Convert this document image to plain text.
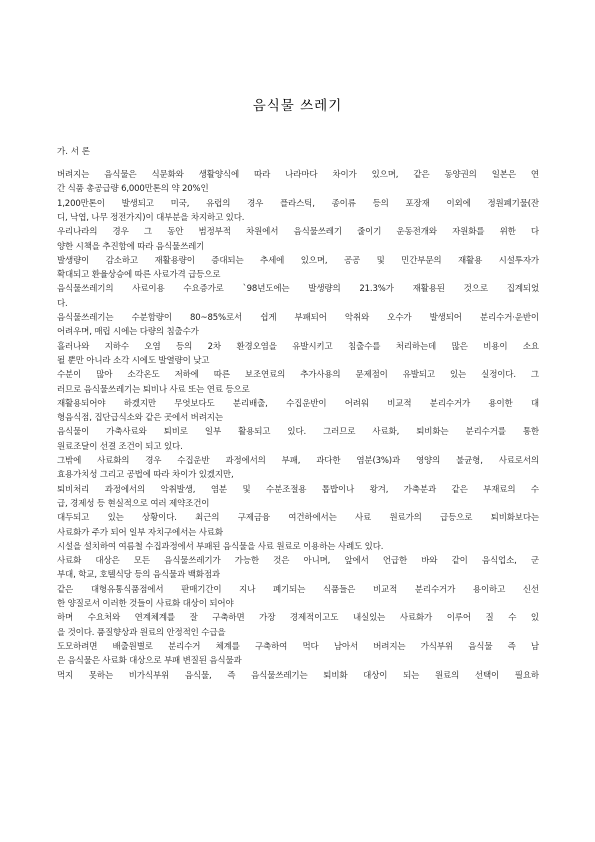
음식물 쓰레기
가. 서 론
버려지는 음식물은 식문화와 생활양식에 따라 나라마다 차이가 있으며, 같은 동양권의 일본은 연
간 식품 총공급량 6,000만톤의 약 20%인
1,200만톤이 발생되고 미국, 유럽의 경우 플라스틱, 종이류 등의 포장재 이외에 정원폐기물(잔
디, 낙엽, 나무 정전가지)이 대부분을 차지하고 있다.
우리나라의 경우 그 동안 범정부적 차원에서 음식물쓰레기 줄이기 운동전개와 자원화를 위한 다
양한 시책을 추진함에 따라 음식물쓰레기
발생량이 감소하고 재활용량이 증대되는 추세에 있으며, 공공 및 민간부문의 재활용 시설투자가
확대되고 환율상승에 따른 사료가격 급등으로
음식물쓰레기의 사료이용 수요증가로 `98년도에는 발생량의 21.3%가 재활용된 것으로 집계되었
다.
음식물쓰레기는 수분함량이 80~85%로서 쉽게 부패되어 악취와 오수가 발생되어 분리수거·운반이
어려우며, 매립 시에는 다량의 침출수가
흘러나와 지하수 오염 등의 2차 환경오염을 유발시키고 침출수를 처리하는데 많은 비용이 소요
될 뿐만 아니라 소각 시에도 발열량이 낮고
수분이 많아 소각온도 저하에 따른 보조연료의 추가사용의 문제점이 유발되고 있는 실정이다. 그
러므로 음식물쓰레기는 퇴비나 사료 또는 연료 등으로
재활용되어야 하겠지만 무엇보다도 분리배출, 수집운반이 어려워 비교적 분리수거가 용이한 대
형음식점, 집단급식소와 같은 곳에서 버려지는
음식물이 가축사료와 퇴비로 일부 활용되고 있다. 그러므로 사료화, 퇴비화는 분리수거를 통한
원료조달이 선결 조건이 되고 있다.
그밖에 사료화의 경우 수집운반 과정에서의 부패, 과다한 염분(3%)과 영양의 불균형, 사료로서의
효용가치성 그리고 공법에 따라 차이가 있겠지만,
퇴비처리 과정에서의 악취발생, 염분 및 수분조절용 톱밥이나 왕겨, 가축분과 같은 부재료의 수
급, 경제성 등 현실적으로 여러 제약조건이
대두되고 있는 상황이다. 최근의 구제금융 여건하에서는 사료 원료가의 급등으로 퇴비화보다는
사료화가 주가 되어 일부 자치구에서는 사료화
시설을 설치하여 여름철 수집과정에서 부패된 음식물을 사료 원료로 이용하는 사례도 있다.
사료화 대상은 모든 음식물쓰레기가 가능한 것은 아니며, 앞에서 언급한 바와 같이 음식업소, 군
부대, 학교, 호텔식당 등의 음식물과 백화점과
같은 대형유통식품점에서 판매기간이 지나 폐기되는 식품들은 비교적 분리수거가 용이하고 신선
한 양질로서 이러한 것들이 사료화 대상이 되어야
하며 수요처와 연계체계를 잘 구축하면 가장 경제적이고도 내실있는 사료화가 이루어 질 수 있
을 것이다. 품질향상과 원료의 안정적인 수급을
도모하려면 배출원별로 분리수거 체계를 구축하여 먹다 남아서 버려지는 가식부위 음식물 즉 남
은 음식물은 사료화 대상으로 부패 변질된 음식물과
먹지 못하는 비가식부위 음식물, 즉 음식물쓰레기는 퇴비화 대상이 되는 원료의 선택이 필요하
